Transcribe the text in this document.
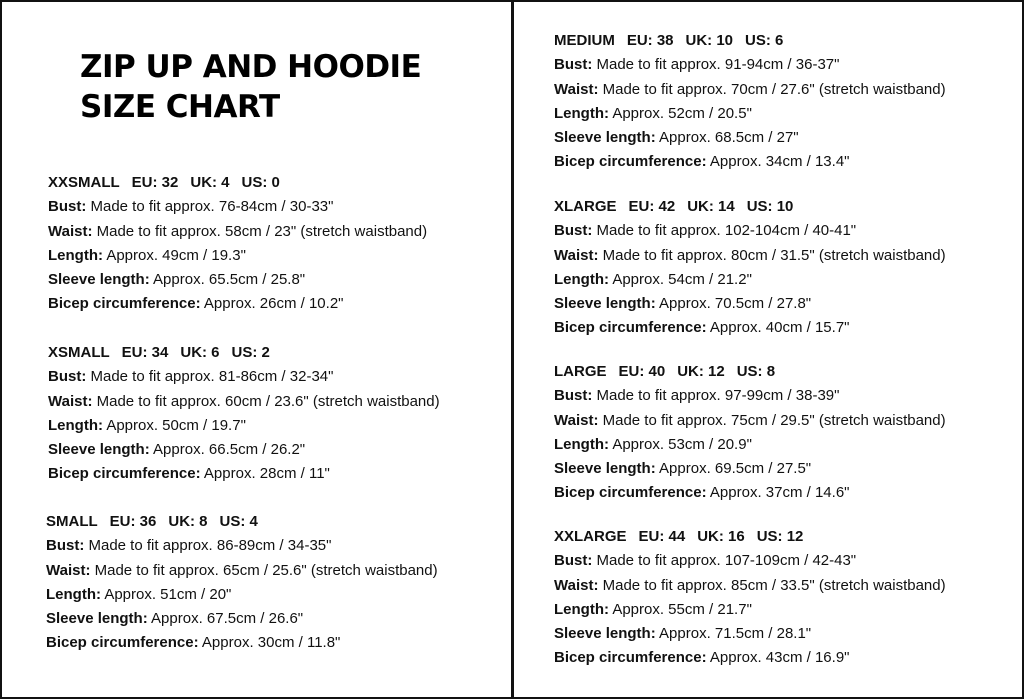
ZIP UP AND HOODIE
SIZE CHART
XXSMALL EU: 32 UK: 4 US: 0
Bust: Made to fit approx. 76-84cm / 30-33"
Waist: Made to fit approx. 58cm / 23" (stretch waistband)
Length: Approx. 49cm / 19.3"
Sleeve length: Approx. 65.5cm / 25.8"
Bicep circumference: Approx. 26cm / 10.2"
XSMALL EU: 34 UK: 6 US: 2
Bust: Made to fit approx. 81-86cm / 32-34"
Waist: Made to fit approx. 60cm / 23.6" (stretch waistband)
Length: Approx. 50cm / 19.7"
Sleeve length: Approx. 66.5cm / 26.2"
Bicep circumference: Approx. 28cm / 11"
SMALL EU: 36 UK: 8 US: 4
Bust: Made to fit approx. 86-89cm / 34-35"
Waist: Made to fit approx. 65cm / 25.6" (stretch waistband)
Length: Approx. 51cm / 20"
Sleeve length: Approx. 67.5cm / 26.6"
Bicep circumference: Approx. 30cm / 11.8"
MEDIUM EU: 38 UK: 10 US: 6
Bust: Made to fit approx. 91-94cm / 36-37"
Waist: Made to fit approx. 70cm / 27.6" (stretch waistband)
Length: Approx. 52cm / 20.5"
Sleeve length: Approx. 68.5cm / 27"
Bicep circumference: Approx. 34cm / 13.4"
XLARGE EU: 42 UK: 14 US: 10
Bust: Made to fit approx. 102-104cm / 40-41"
Waist: Made to fit approx. 80cm / 31.5" (stretch waistband)
Length: Approx. 54cm / 21.2"
Sleeve length: Approx. 70.5cm / 27.8"
Bicep circumference: Approx. 40cm / 15.7"
LARGE EU: 40 UK: 12 US: 8
Bust: Made to fit approx. 97-99cm / 38-39"
Waist: Made to fit approx. 75cm / 29.5" (stretch waistband)
Length: Approx. 53cm / 20.9"
Sleeve length: Approx. 69.5cm / 27.5"
Bicep circumference: Approx. 37cm / 14.6"
XXLARGE EU: 44 UK: 16 US: 12
Bust: Made to fit approx. 107-109cm / 42-43"
Waist: Made to fit approx. 85cm / 33.5" (stretch waistband)
Length: Approx. 55cm / 21.7"
Sleeve length: Approx. 71.5cm / 28.1"
Bicep circumference: Approx. 43cm / 16.9"
